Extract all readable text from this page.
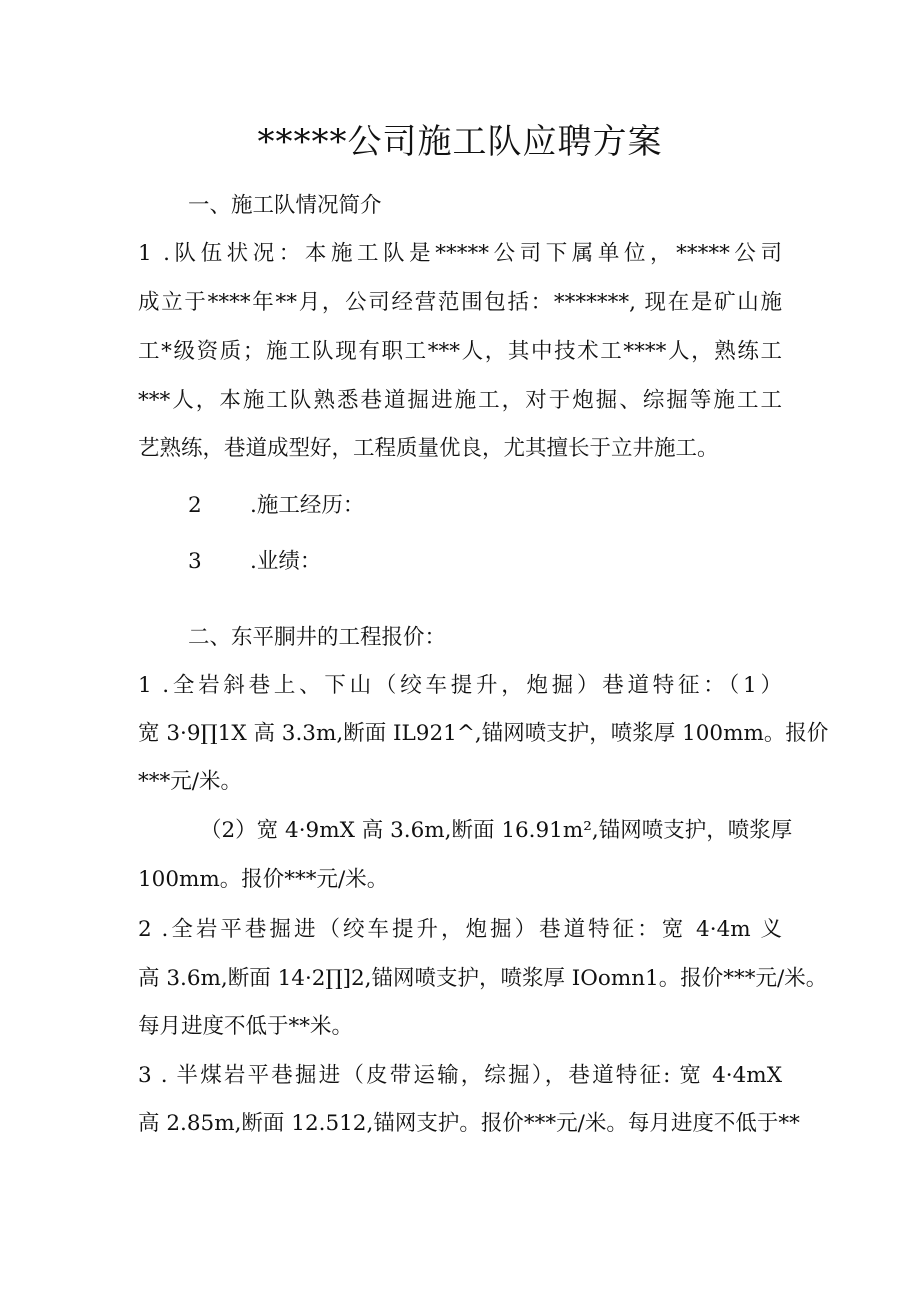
*****公司施工队应聘方案
一、施工队情况简介
1 .队伍状况：本施工队是*****公司下属单位，*****公司
成立于****年**月，公司经营范围包括：*******, 现在是矿山施
工*级资质；施工队现有职工***人，其中技术工****人，熟练工
***人，本施工队熟悉巷道掘进施工，对于炮掘、综掘等施工工
艺熟练，巷道成型好，工程质量优良，尤其擅长于立井施工。
2 .施工经历：
3 .业绩：
二、东平胴井的工程报价：
1 .全岩斜巷上、下山（绞车提升，炮掘）巷道特征：（1）
宽 3·9∏1X 高 3.3m,断面 IL921^,锚网喷支护，喷浆厚 100mm。报价
***元/米。
（2）宽 4·9mX 高 3.6m,断面 16.91m²,锚网喷支护，喷浆厚
100mm。报价***元/米。
2 .全岩平巷掘进（绞车提升，炮掘）巷道特征：宽 4·4m 义
高 3.6m,断面 14·2∏]2,锚网喷支护，喷浆厚 IOomn1。报价***元/米。
每月进度不低于**米。
3 . 半煤岩平巷掘进（皮带运输，综掘），巷道特征: 宽 4·4mX
高 2.85m,断面 12.512,锚网支护。报价***元/米。每月进度不低于**
